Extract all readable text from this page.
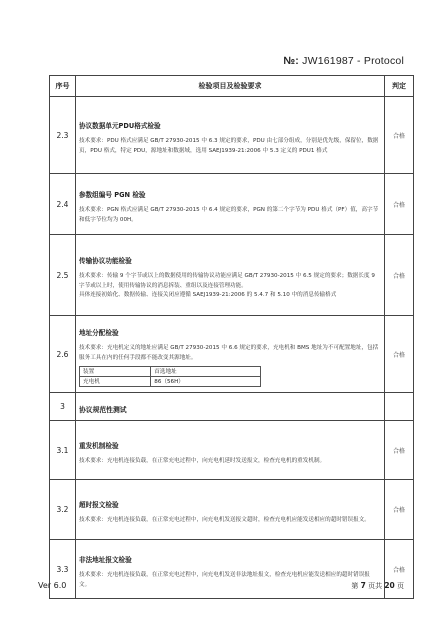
№: JW161987 - Protocol
序号	检验项目及检验要求	判定
2.3	
协议数据单元PDU格式检验

技术要求：PDU 格式应满足 GB/T 27930-2015 中 6.3 规定的要求，PDU 由七部分组成，分别是优先级，保留位，数据页，PDU 格式，特定 PDU，源地址和数据域，选用 SAEJ1939-21:2006 中 5.3 定义的 PDU1 格式

	合格
2.4	
参数组编号 PGN 检验

技术要求：PGN 格式应满足 GB/T 27930-2015 中 6.4 规定的要求，PGN 的第二个字节为 PDU 格式（PF）值，高字节和低字节位均为 00H。

	合格
2.5	
传输协议功能检验

技术要求：传输 9 个字节或以上的数据使用的传输协议功能应满足 GB/T 27930-2015 中 6.5 规定的要求；数据长度 9 字节或以上时，使用传输协议的消息拆装、重组以及连接管理功能。

具体连接初始化、数据传输、连接关闭应遵循 SAEJ1939-21:2006 的 5.4.7 和 5.10 中的消息传输格式

	合格
2.6	
地址分配检验

技术要求：充电机定义的地址应满足 GB/T 27930-2015 中 6.6 规定的要求，充电机和 BMS 地址为不可配置地址，包括服务工具在内的任何手段都不能改变其源地址。

装置	首选地址
充电机	86（56H）
	合格
3	协议规范性测试	
3.1	重发机制检验

技术要求：充电机连接负载，在正常充电过程中，向充电机延时发送报文，检查充电机的重发机制。

	合格
3.2	超时报文检验

技术要求：充电机连接负载，在正常充电过程中，向充电机发送报文超时，检查充电机应能发送相应的超时错误报文。

	合格
3.3	
非法地址报文检验

技术要求：充电机连接负载，在正常充电过程中，向充电机发送非法地址报文，检查充电机应能发送相应的超时错误报文。

	合格
Ver 6.0	第 7 页共 20 页
